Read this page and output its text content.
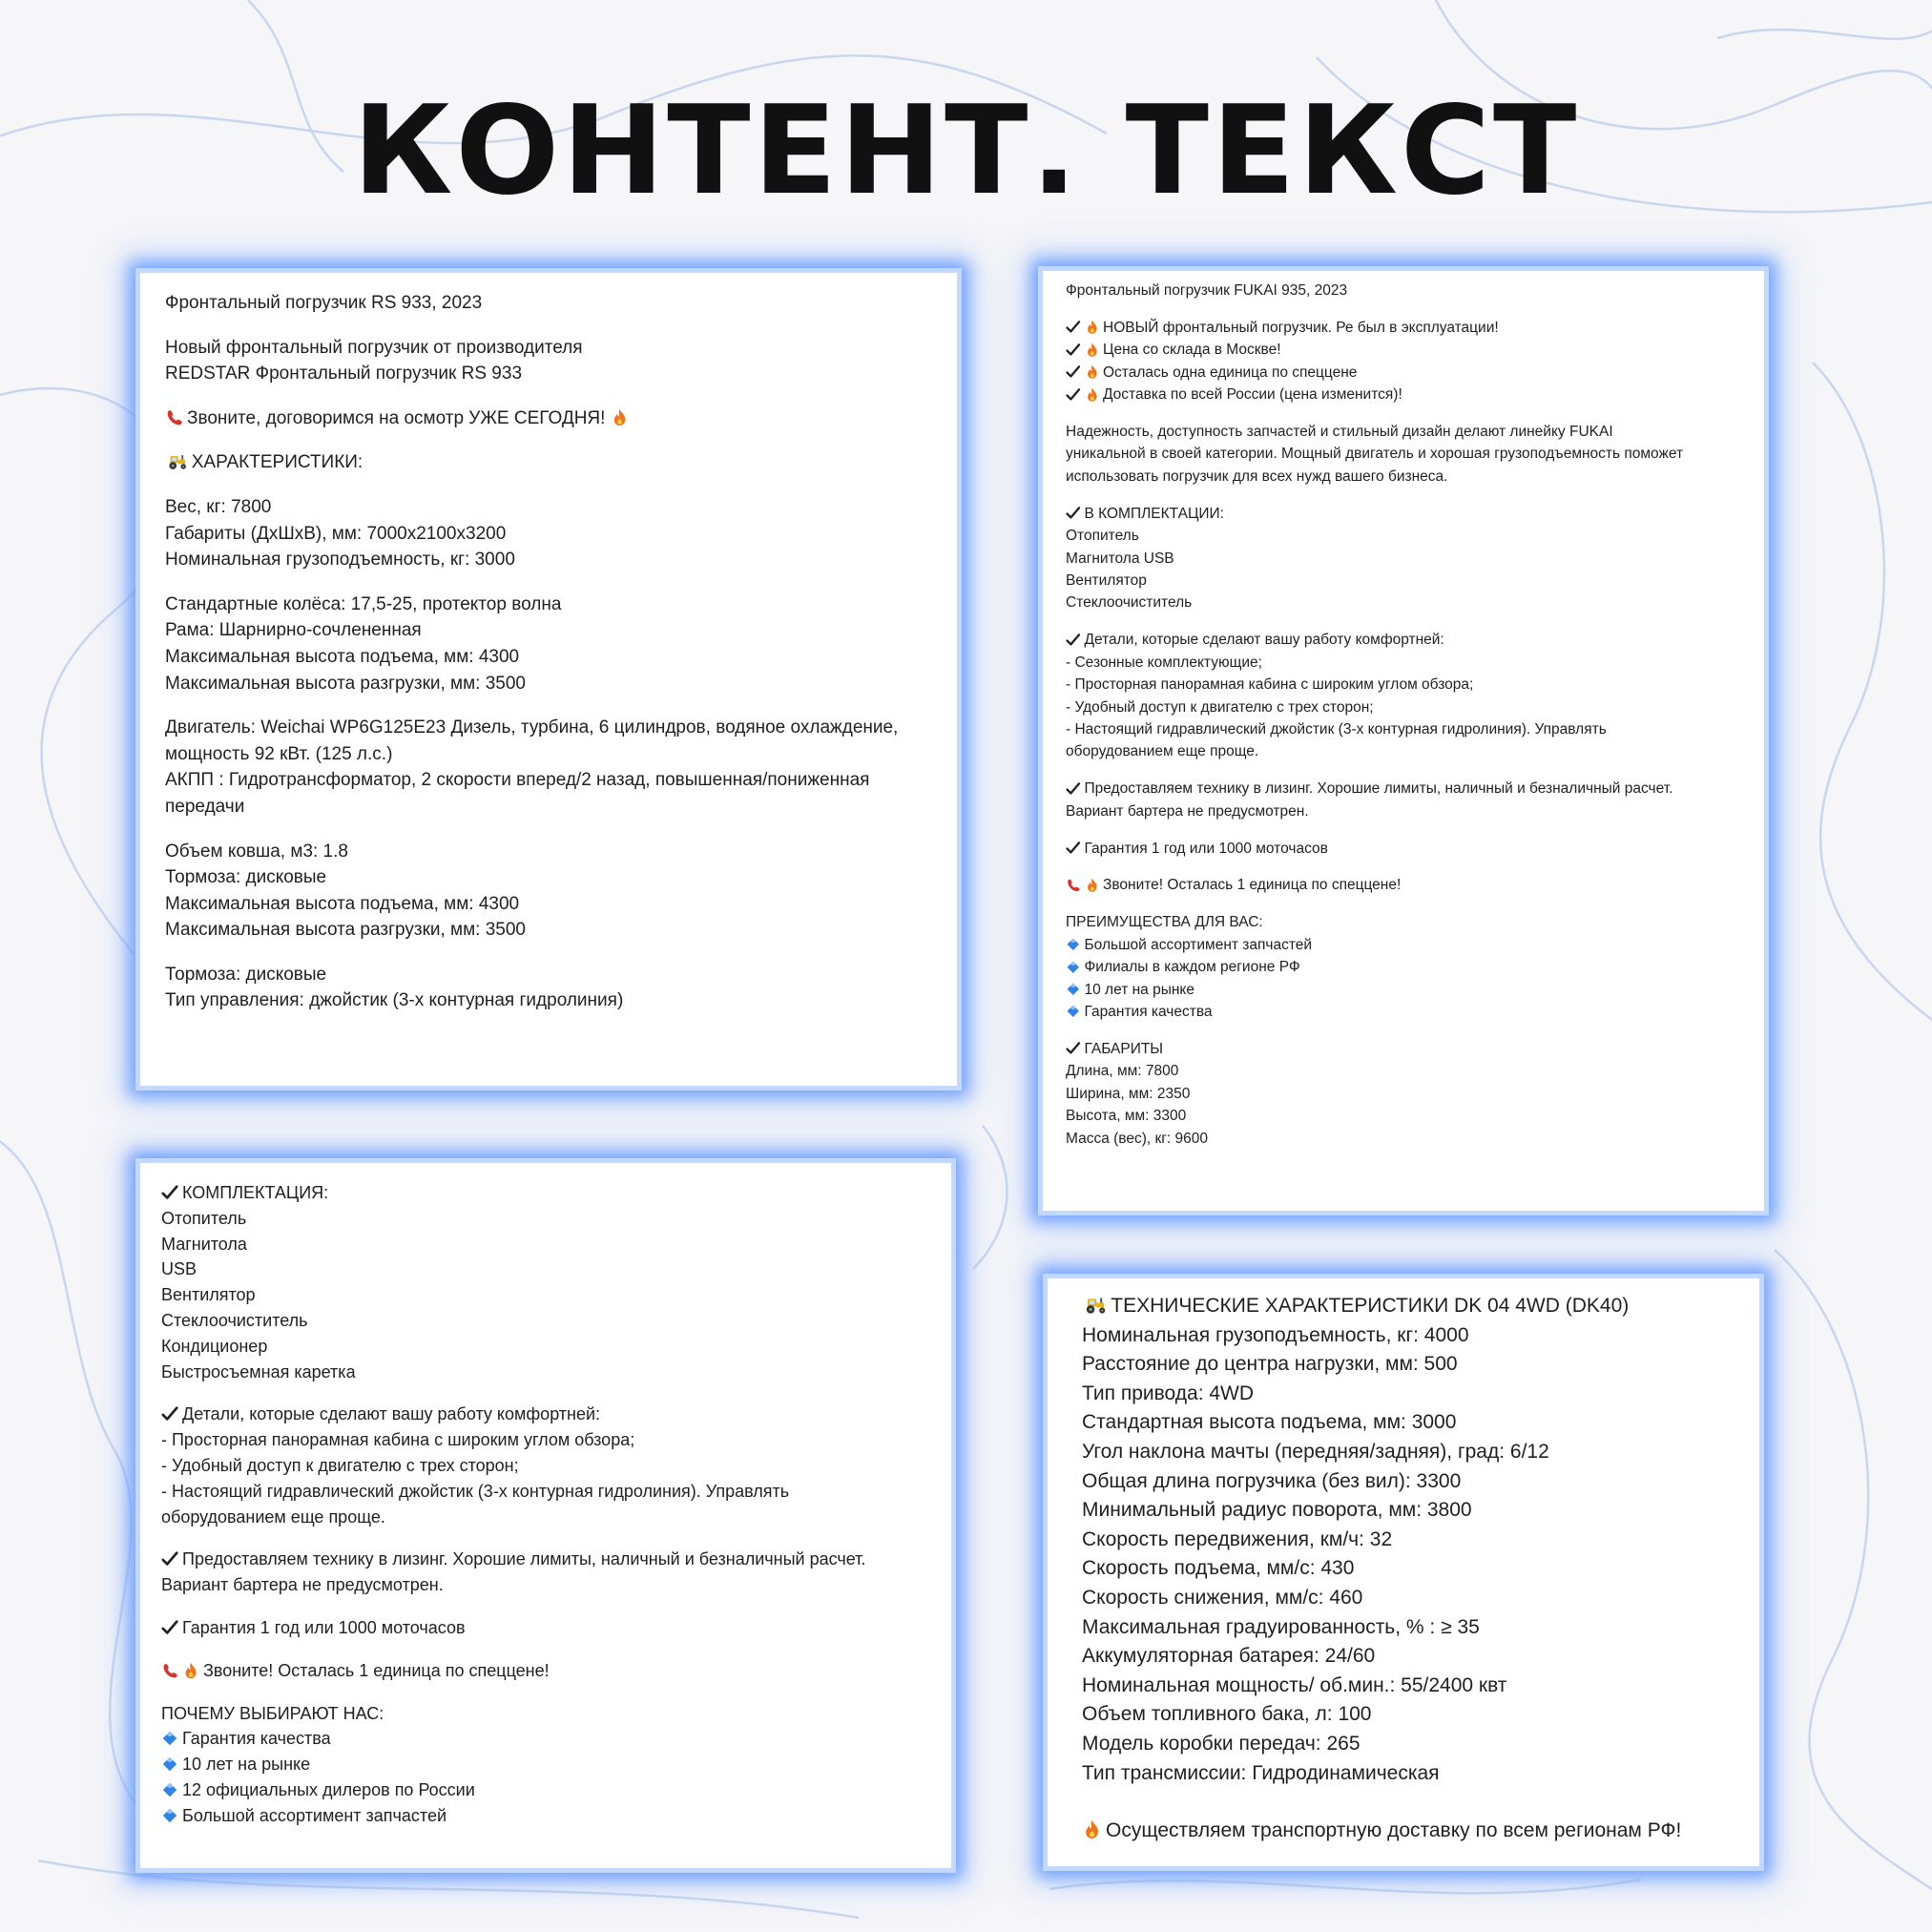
КОНТЕНТ. ТЕКСТ

Фронтальный погрузчик RS 933, 2023

Новый фронтальный погрузчик от производителя

REDSTAR Фронтальный погрузчик RS 933

Звоните, договоримся на осмотр УЖЕ СЕГОДНЯ!

ХАРАКТЕРИСТИКИ:

Вес, кг: 7800

Габариты (ДхШхВ), мм: 7000x2100x3200

Номинальная грузоподъемность, кг: 3000

Стандартные колёса: 17,5-25, протектор волна

Рама: Шарнирно-сочлененная

Максимальная высота подъема, мм: 4300

Максимальная высота разгрузки, мм: 3500

Двигатель: Weichai WP6G125E23 Дизель, турбина, 6 цилиндров, водяное охлаждение,

мощность 92 кВт. (125 л.с.)

АКПП : Гидротрансформатор, 2 скорости вперед/2 назад, повышенная/пониженная

передачи

Объем ковша, м3: 1.8

Тормоза: дисковые

Максимальная высота подъема, мм: 4300

Максимальная высота разгрузки, мм: 3500

Тормоза: дисковые

Тип управления: джойстик (3-х контурная гидролиния)

Фронтальный погрузчик FUKAI 935, 2023

НОВЫЙ фронтальный погрузчик. Ре был в эксплуатации!

Цена со склада в Москве!

Осталась одна единица по спеццене

Доставка по всей России (цена изменится)!

Надежность, доступность запчастей и стильный дизайн делают линейку FUKAI

уникальной в своей категории. Мощный двигатель и хорошая грузоподъемность поможет

использовать погрузчик для всех нужд вашего бизнеса.

В КОМПЛЕКТАЦИИ:

Отопитель

Магнитола USB

Вентилятор

Стеклоочиститель

Детали, которые сделают вашу работу комфортней:

- Сезонные комплектующие;

- Просторная панорамная кабина с широким углом обзора;

- Удобный доступ к двигателю с трех сторон;

- Настоящий гидравлический джойстик (3-х контурная гидролиния). Управлять

оборудованием еще проще.

Предоставляем технику в лизинг. Хорошие лимиты, наличный и безналичный расчет.

Вариант бартера не предусмотрен.

Гарантия 1 год или 1000 моточасов

Звоните! Осталась 1 единица по спеццене!

ПРЕИМУЩЕСТВА ДЛЯ ВАС:

Большой ассортимент запчастей

Филиалы в каждом регионе РФ

10 лет на рынке

Гарантия качества

ГАБАРИТЫ

Длина, мм: 7800

Ширина, мм: 2350

Высота, мм: 3300

Масса (вес), кг: 9600

КОМПЛЕКТАЦИЯ:

Отопитель

Магнитола

USB

Вентилятор

Стеклоочиститель

Кондиционер

Быстросъемная каретка

Детали, которые сделают вашу работу комфортней:

- Просторная панорамная кабина с широким углом обзора;

- Удобный доступ к двигателю с трех сторон;

- Настоящий гидравлический джойстик (3-х контурная гидролиния). Управлять

оборудованием еще проще.

Предоставляем технику в лизинг. Хорошие лимиты, наличный и безналичный расчет.

Вариант бартера не предусмотрен.

Гарантия 1 год или 1000 моточасов

Звоните! Осталась 1 единица по спеццене!

ПОЧЕМУ ВЫБИРАЮТ НАС:

Гарантия качества

10 лет на рынке

12 официальных дилеров по России

Большой ассортимент запчастей

ТЕХНИЧЕСКИЕ ХАРАКТЕРИСТИКИ DK 04 4WD (DK40)

Номинальная грузоподъемность, кг: 4000

Расстояние до центра нагрузки, мм: 500

Тип привода: 4WD

Стандартная высота подъема, мм: 3000

Угол наклона мачты (передняя/задняя), град: 6/12

Общая длина погрузчика (без вил): 3300

Минимальный радиус поворота, мм: 3800

Скорость передвижения, км/ч: 32

Скорость подъема, мм/с: 430

Скорость снижения, мм/с: 460

Максимальная градуированность, % : ≥ 35

Аккумуляторная батарея: 24/60

Номинальная мощность/ об.мин.: 55/2400 квт

Объем топливного бака, л: 100

Модель коробки передач: 265

Тип трансмиссии: Гидродинамическая

Осуществляем транспортную доставку по всем регионам РФ!
